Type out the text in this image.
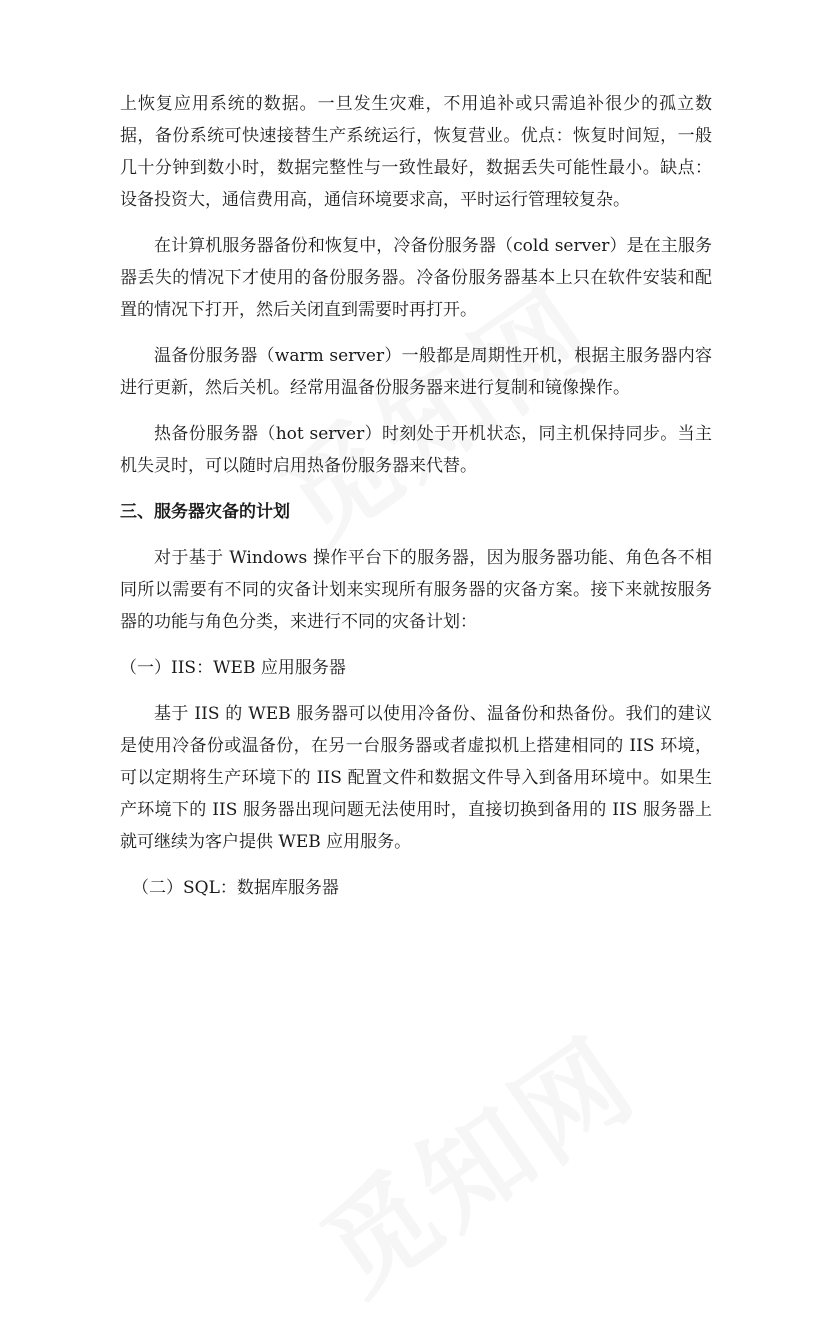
上恢复应用系统的数据。一旦发生灾难，不用追补或只需追补很少的孤立数据，备份系统可快速接替生产系统运行，恢复营业。优点：恢复时间短，一般几十分钟到数小时，数据完整性与一致性最好，数据丢失可能性最小。缺点：设备投资大，通信费用高，通信环境要求高，平时运行管理较复杂。

在计算机服务器备份和恢复中，冷备份服务器（cold server）是在主服务器丢失的情况下才使用的备份服务器。冷备份服务器基本上只在软件安装和配置的情况下打开，然后关闭直到需要时再打开。

温备份服务器（warm server）一般都是周期性开机，根据主服务器内容进行更新，然后关机。经常用温备份服务器来进行复制和镜像操作。

热备份服务器（hot server）时刻处于开机状态，同主机保持同步。当主机失灵时，可以随时启用热备份服务器来代替。

三、服务器灾备的计划

对于基于 Windows 操作平台下的服务器，因为服务器功能、角色各不相同所以需要有不同的灾备计划来实现所有服务器的灾备方案。接下来就按服务器的功能与角色分类，来进行不同的灾备计划：

（一）IIS：WEB 应用服务器

基于 IIS 的 WEB 服务器可以使用冷备份、温备份和热备份。我们的建议是使用冷备份或温备份，在另一台服务器或者虚拟机上搭建相同的 IIS 环境，可以定期将生产环境下的 IIS 配置文件和数据文件导入到备用环境中。如果生产环境下的 IIS 服务器出现问题无法使用时，直接切换到备用的 IIS 服务器上就可继续为客户提供 WEB 应用服务。

（二）SQL：数据库服务器
